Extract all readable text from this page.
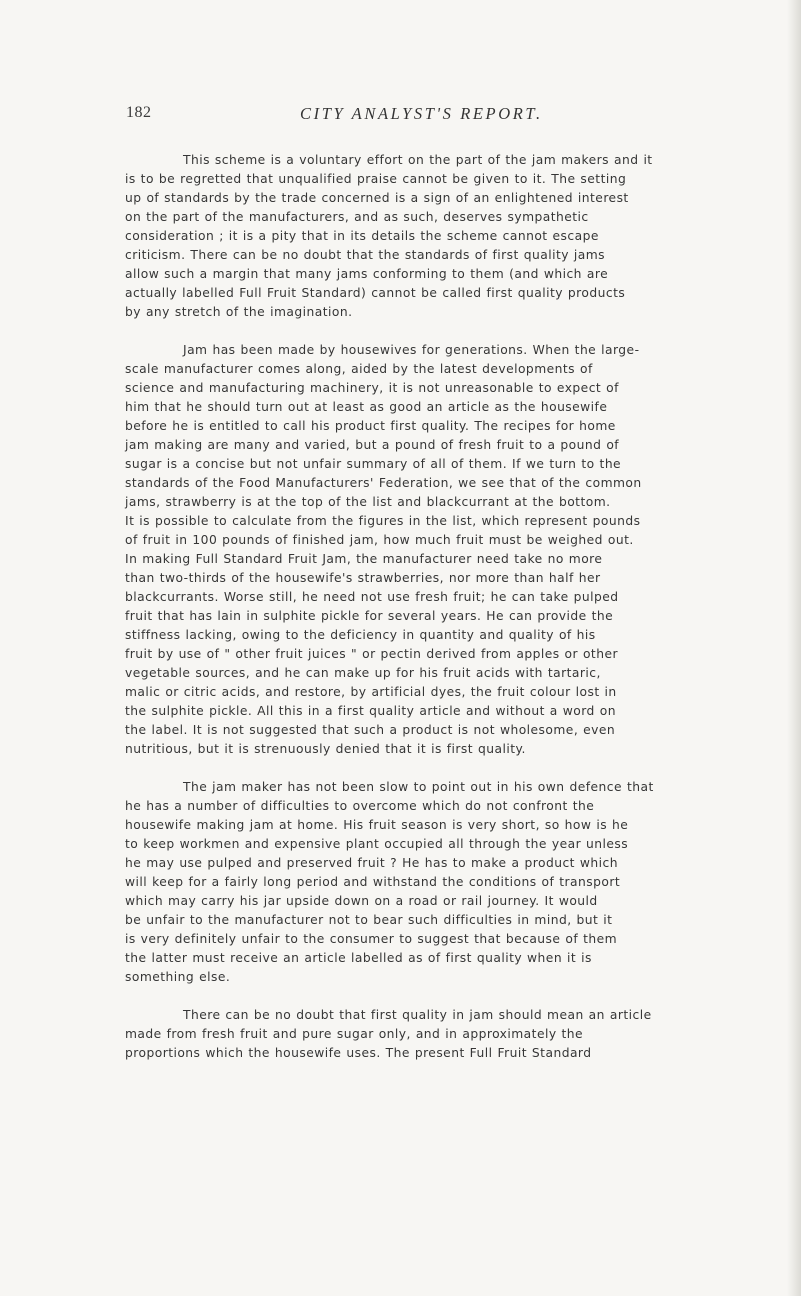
182	CITY ANALYST'S REPORT.

This scheme is a voluntary effort on the part of the jam makers and it
is to be regretted that unqualified praise cannot be given to it. The setting
up of standards by the trade concerned is a sign of an enlightened interest
on the part of the manufacturers, and as such, deserves sympathetic
consideration ; it is a pity that in its details the scheme cannot escape
criticism. There can be no doubt that the standards of first quality jams
allow such a margin that many jams conforming to them (and which are
actually labelled Full Fruit Standard) cannot be called first quality products
by any stretch of the imagination.

Jam has been made by housewives for generations. When the large-
scale manufacturer comes along, aided by the latest developments of
science and manufacturing machinery, it is not unreasonable to expect of
him that he should turn out at least as good an article as the housewife
before he is entitled to call his product first quality. The recipes for home
jam making are many and varied, but a pound of fresh fruit to a pound of
sugar is a concise but not unfair summary of all of them. If we turn to the
standards of the Food Manufacturers' Federation, we see that of the common
jams, strawberry is at the top of the list and blackcurrant at the bottom.
It is possible to calculate from the figures in the list, which represent pounds
of fruit in 100 pounds of finished jam, how much fruit must be weighed out.
In making Full Standard Fruit Jam, the manufacturer need take no more
than two-thirds of the housewife's strawberries, nor more than half her
blackcurrants. Worse still, he need not use fresh fruit; he can take pulped
fruit that has lain in sulphite pickle for several years. He can provide the
stiffness lacking, owing to the deficiency in quantity and quality of his
fruit by use of " other fruit juices " or pectin derived from apples or other
vegetable sources, and he can make up for his fruit acids with tartaric,
malic or citric acids, and restore, by artificial dyes, the fruit colour lost in
the sulphite pickle. All this in a first quality article and without a word on
the label. It is not suggested that such a product is not wholesome, even
nutritious, but it is strenuously denied that it is first quality.

The jam maker has not been slow to point out in his own defence that
he has a number of difficulties to overcome which do not confront the
housewife making jam at home. His fruit season is very short, so how is he
to keep workmen and expensive plant occupied all through the year unless
he may use pulped and preserved fruit ? He has to make a product which
will keep for a fairly long period and withstand the conditions of transport
which may carry his jar upside down on a road or rail journey. It would
be unfair to the manufacturer not to bear such difficulties in mind, but it
is very definitely unfair to the consumer to suggest that because of them
the latter must receive an article labelled as of first quality when it is
something else.

There can be no doubt that first quality in jam should mean an article
made from fresh fruit and pure sugar only, and in approximately the
proportions which the housewife uses. The present Full Fruit Standard
